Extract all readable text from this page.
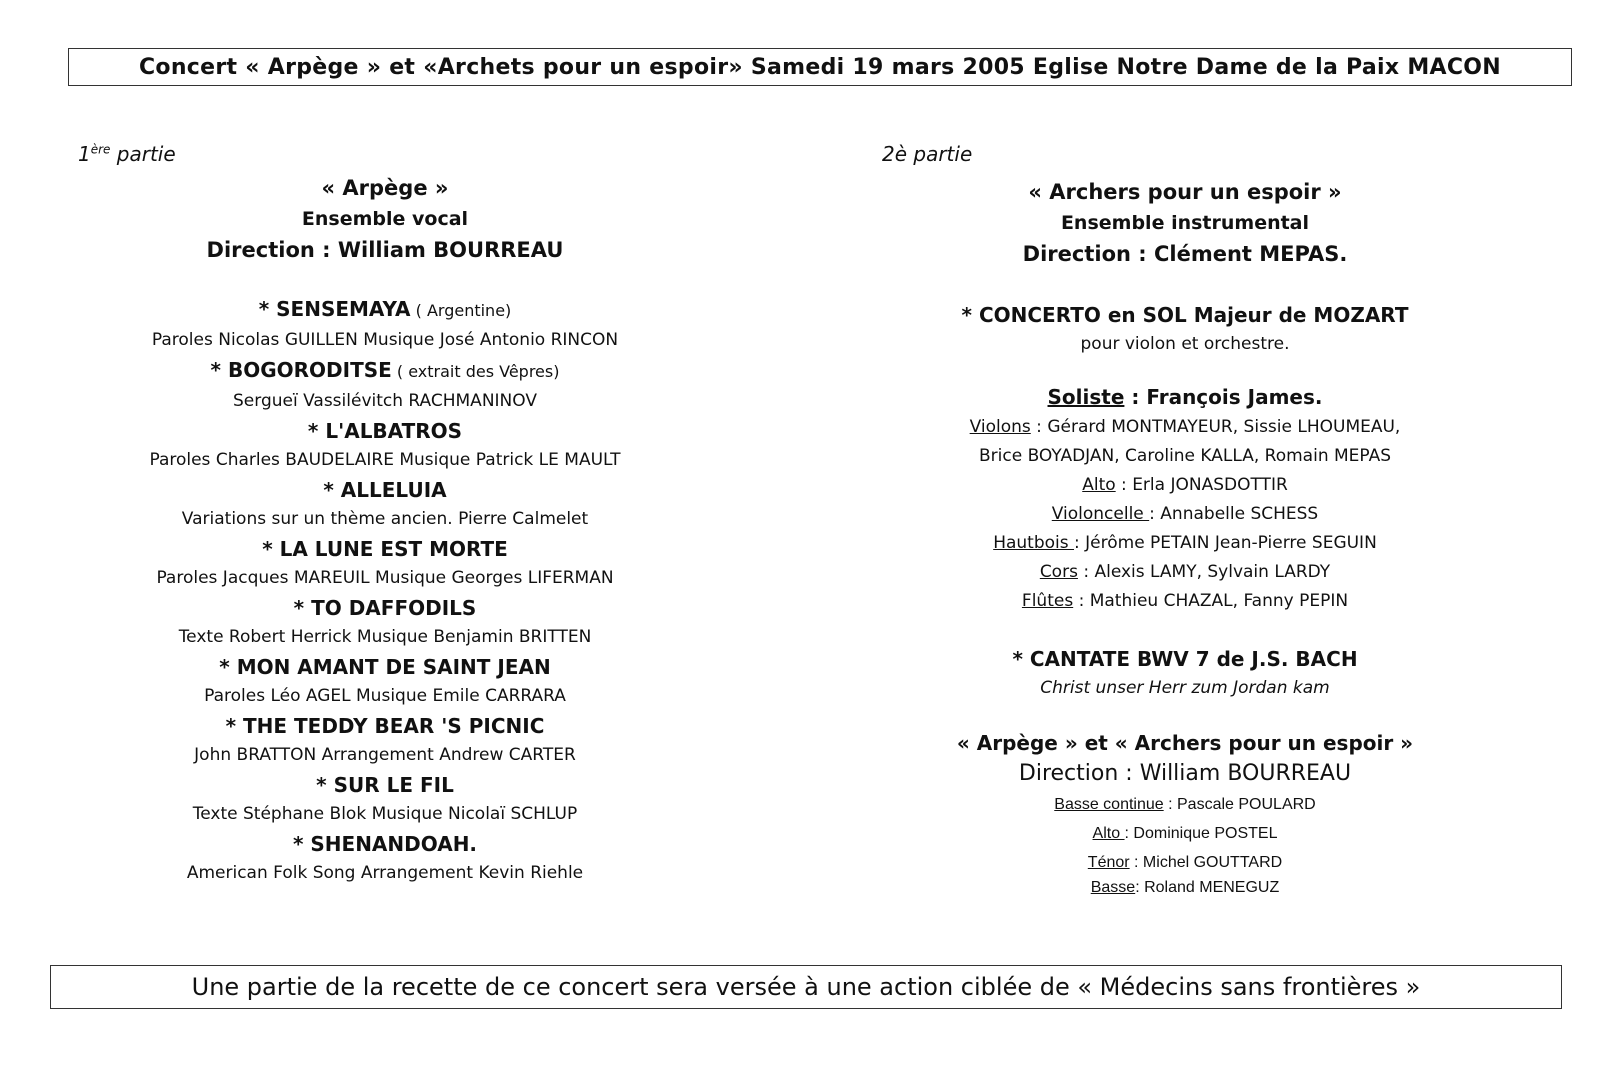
Concert « Arpège » et «Archets pour un espoir» Samedi 19 mars 2005 Eglise Notre Dame de la Paix MACON
1ère partie	2è partie
« Arpège »
Ensemble vocal
Direction : William BOURREAU
* SENSEMAYA ( Argentine)
Paroles Nicolas GUILLEN Musique José Antonio RINCON
* BOGORODITSE ( extrait des Vêpres)
Sergueï Vassilévitch RACHMANINOV
* L'ALBATROS
Paroles Charles BAUDELAIRE Musique Patrick LE MAULT
* ALLELUIA
Variations sur un thème ancien. Pierre Calmelet
* LA LUNE EST MORTE
Paroles Jacques MAREUIL Musique Georges LIFERMAN
* TO DAFFODILS
Texte Robert Herrick Musique Benjamin BRITTEN
* MON AMANT DE SAINT JEAN
Paroles Léo AGEL Musique Emile CARRARA
* THE TEDDY BEAR 'S PICNIC
John BRATTON Arrangement Andrew CARTER
* SUR LE FIL
Texte Stéphane Blok Musique Nicolaï SCHLUP
* SHENANDOAH.
American Folk Song Arrangement Kevin Riehle
« Archers pour un espoir »
Ensemble instrumental
Direction : Clément MEPAS.
* CONCERTO en SOL Majeur de MOZART
pour violon et orchestre.
Soliste : François James.
Violons : Gérard MONTMAYEUR, Sissie LHOUMEAU,
Brice BOYADJAN, Caroline KALLA, Romain MEPAS
Alto : Erla JONASDOTTIR
Violoncelle : Annabelle SCHESS
Hautbois : Jérôme PETAIN Jean-Pierre SEGUIN
Cors : Alexis LAMY, Sylvain LARDY
Flûtes : Mathieu CHAZAL, Fanny PEPIN
* CANTATE BWV 7 de J.S. BACH
Christ unser Herr zum Jordan kam
« Arpège » et « Archers pour un espoir »
Direction : William BOURREAU
Basse continue : Pascale POULARD
Alto : Dominique POSTEL
Ténor : Michel GOUTTARD
Basse: Roland MENEGUZ
Une partie de la recette de ce concert sera versée à une action ciblée de « Médecins sans frontières »
